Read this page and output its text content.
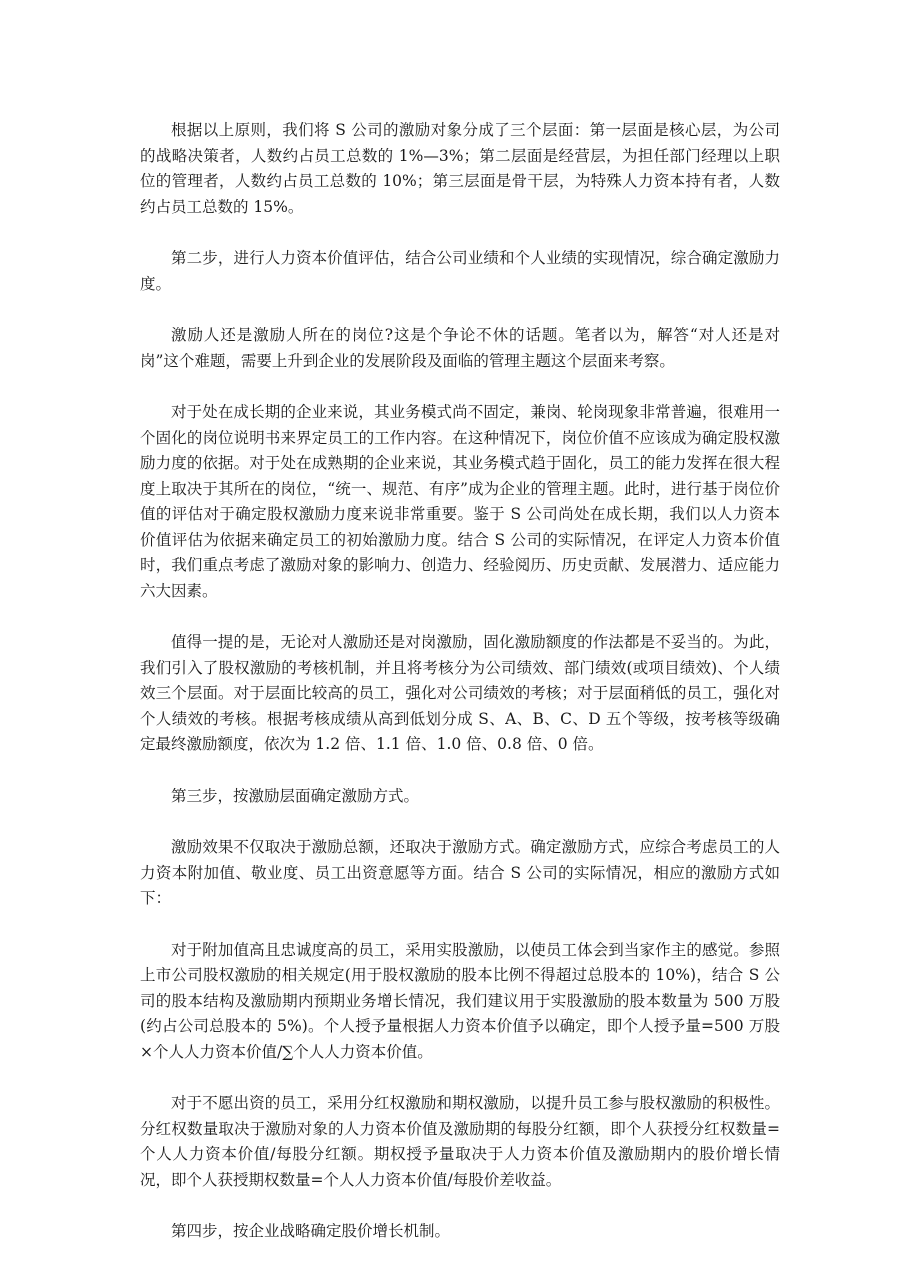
根据以上原则，我们将 S 公司的激励对象分成了三个层面：第一层面是核心层，为公司的战略决策者，人数约占员工总数的 1%—3%；第二层面是经营层，为担任部门经理以上职位的管理者，人数约占员工总数的 10%；第三层面是骨干层，为特殊人力资本持有者，人数约占员工总数的 15%。

第二步，进行人力资本价值评估，结合公司业绩和个人业绩的实现情况，综合确定激励力度。

激励人还是激励人所在的岗位?这是个争论不休的话题。笔者以为，解答“对人还是对岗”这个难题，需要上升到企业的发展阶段及面临的管理主题这个层面来考察。

对于处在成长期的企业来说，其业务模式尚不固定，兼岗、轮岗现象非常普遍，很难用一个固化的岗位说明书来界定员工的工作内容。在这种情况下，岗位价值不应该成为确定股权激励力度的依据。对于处在成熟期的企业来说，其业务模式趋于固化，员工的能力发挥在很大程度上取决于其所在的岗位，“统一、规范、有序”成为企业的管理主题。此时，进行基于岗位价值的评估对于确定股权激励力度来说非常重要。鉴于 S 公司尚处在成长期，我们以人力资本价值评估为依据来确定员工的初始激励力度。结合 S 公司的实际情况，在评定人力资本价值时，我们重点考虑了激励对象的影响力、创造力、经验阅历、历史贡献、发展潜力、适应能力六大因素。

值得一提的是，无论对人激励还是对岗激励，固化激励额度的作法都是不妥当的。为此，我们引入了股权激励的考核机制，并且将考核分为公司绩效、部门绩效(或项目绩效)、个人绩效三个层面。对于层面比较高的员工，强化对公司绩效的考核；对于层面稍低的员工，强化对个人绩效的考核。根据考核成绩从高到低划分成 S、A、B、C、D 五个等级，按考核等级确定最终激励额度，依次为 1.2 倍、1.1 倍、1.0 倍、0.8 倍、0 倍。

第三步，按激励层面确定激励方式。

激励效果不仅取决于激励总额，还取决于激励方式。确定激励方式，应综合考虑员工的人力资本附加值、敬业度、员工出资意愿等方面。结合 S 公司的实际情况，相应的激励方式如下：

对于附加值高且忠诚度高的员工，采用实股激励，以使员工体会到当家作主的感觉。参照上市公司股权激励的相关规定(用于股权激励的股本比例不得超过总股本的 10%)，结合 S 公司的股本结构及激励期内预期业务增长情况，我们建议用于实股激励的股本数量为 500 万股(约占公司总股本的 5%)。个人授予量根据人力资本价值予以确定，即个人授予量=500 万股×个人人力资本价值/∑个人人力资本价值。

对于不愿出资的员工，采用分红权激励和期权激励，以提升员工参与股权激励的积极性。分红权数量取决于激励对象的人力资本价值及激励期的每股分红额，即个人获授分红权数量=个人人力资本价值/每股分红额。期权授予量取决于人力资本价值及激励期内的股价增长情况，即个人获授期权数量=个人人力资本价值/每股价差收益。

第四步，按企业战略确定股价增长机制。
